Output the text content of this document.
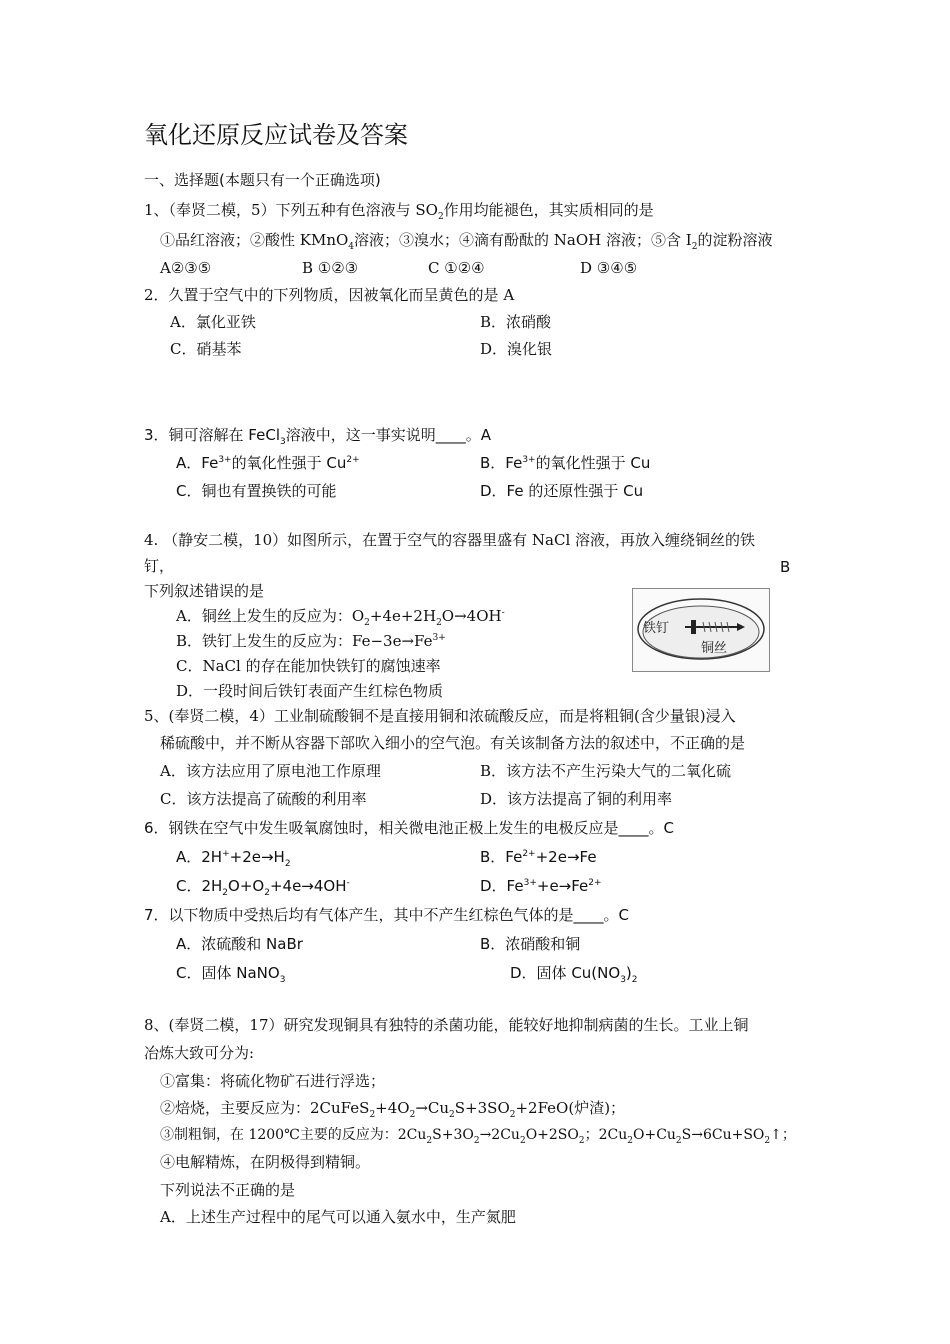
氧化还原反应试卷及答案
一、选择题(本题只有一个正确选项)
1、（奉贤二模，5）下列五种有色溶液与 $SO_2$作用均能褪色，其实质相同的是
①品红溶液；②酸性 KMnO$_4$溶液；③溴水；④滴有酚酞的 NaOH 溶液；⑤含 $I_2$的淀粉溶液
A②③⑤	B ①②③	C ①②④	D ③④⑤
2．久置于空气中的下列物质，因被氧化而呈黄色的是 A
A．氯化亚铁	B．浓硝酸
C．硝基苯	D．溴化银
3．铜可溶解在 FeCl$_3$溶液中，这一事实说明____。A
A．$Fe^{3+}$的氧化性强于 $Cu^{2+}$	B．$Fe^{3+}$的氧化性强于 Cu
C．铜也有置换铁的可能	D．Fe 的还原性强于 Cu
4. （静安二模，10）如图所示，在置于空气的容器里盛有 NaCl 溶液，再放入缠绕铜丝的铁
钉，	B
下列叙述错误的是
A．铜丝上发生的反应为：$O_2+4e+2H_2O\to 4OH^-$
B．铁钉上发生的反应为：$Fe-3e\to Fe^{3+}$
C．NaCl 的存在能加快铁钉的腐蚀速率
D．一段时间后铁钉表面产生红棕色物质
铁钉
铜丝
5、(奉贤二模，4）工业制硫酸铜不是直接用铜和浓硫酸反应，而是将粗铜(含少量银)浸入
稀硫酸中，并不断从容器下部吹入细小的空气泡。有关该制备方法的叙述中，不正确的是
A．该方法应用了原电池工作原理	B．该方法不产生污染大气的二氧化硫
C．该方法提高了硫酸的利用率	D．该方法提高了铜的利用率
6．钢铁在空气中发生吸氧腐蚀时，相关微电池正极上发生的电极反应是____。C
A．$2H^++2e\to H_2$	B．$Fe^{2+}+2e\to Fe$
C．$2H_2O+O_2+4e\to 4OH^-$	D．$Fe^{3+}+e\to Fe^{2+}$
7．以下物质中受热后均有气体产生，其中不产生红棕色气体的是____。C
A．浓硫酸和 NaBr	B．浓硝酸和铜
C．固体 NaNO$_3$	D．固体 $Cu(NO_3)_2$
8、(奉贤二模，17）研究发现铜具有独特的杀菌功能，能较好地抑制病菌的生长。工业上铜
冶炼大致可分为:
①富集：将硫化物矿石进行浮选；
②焙烧，主要反应为：$2CuFeS_2+4O_2\to Cu_2S+3SO_2+2FeO$(炉渣)；
③制粗铜，在 1200℃主要的反应为：$2Cu_2S+3O_2\to 2Cu_2O+2SO_2$；$2Cu_2O+Cu_2S\to 6Cu+SO_2↑$；
④电解精炼，在阴极得到精铜。
下列说法不正确的是
A．上述生产过程中的尾气可以通入氨水中，生产氮肥
